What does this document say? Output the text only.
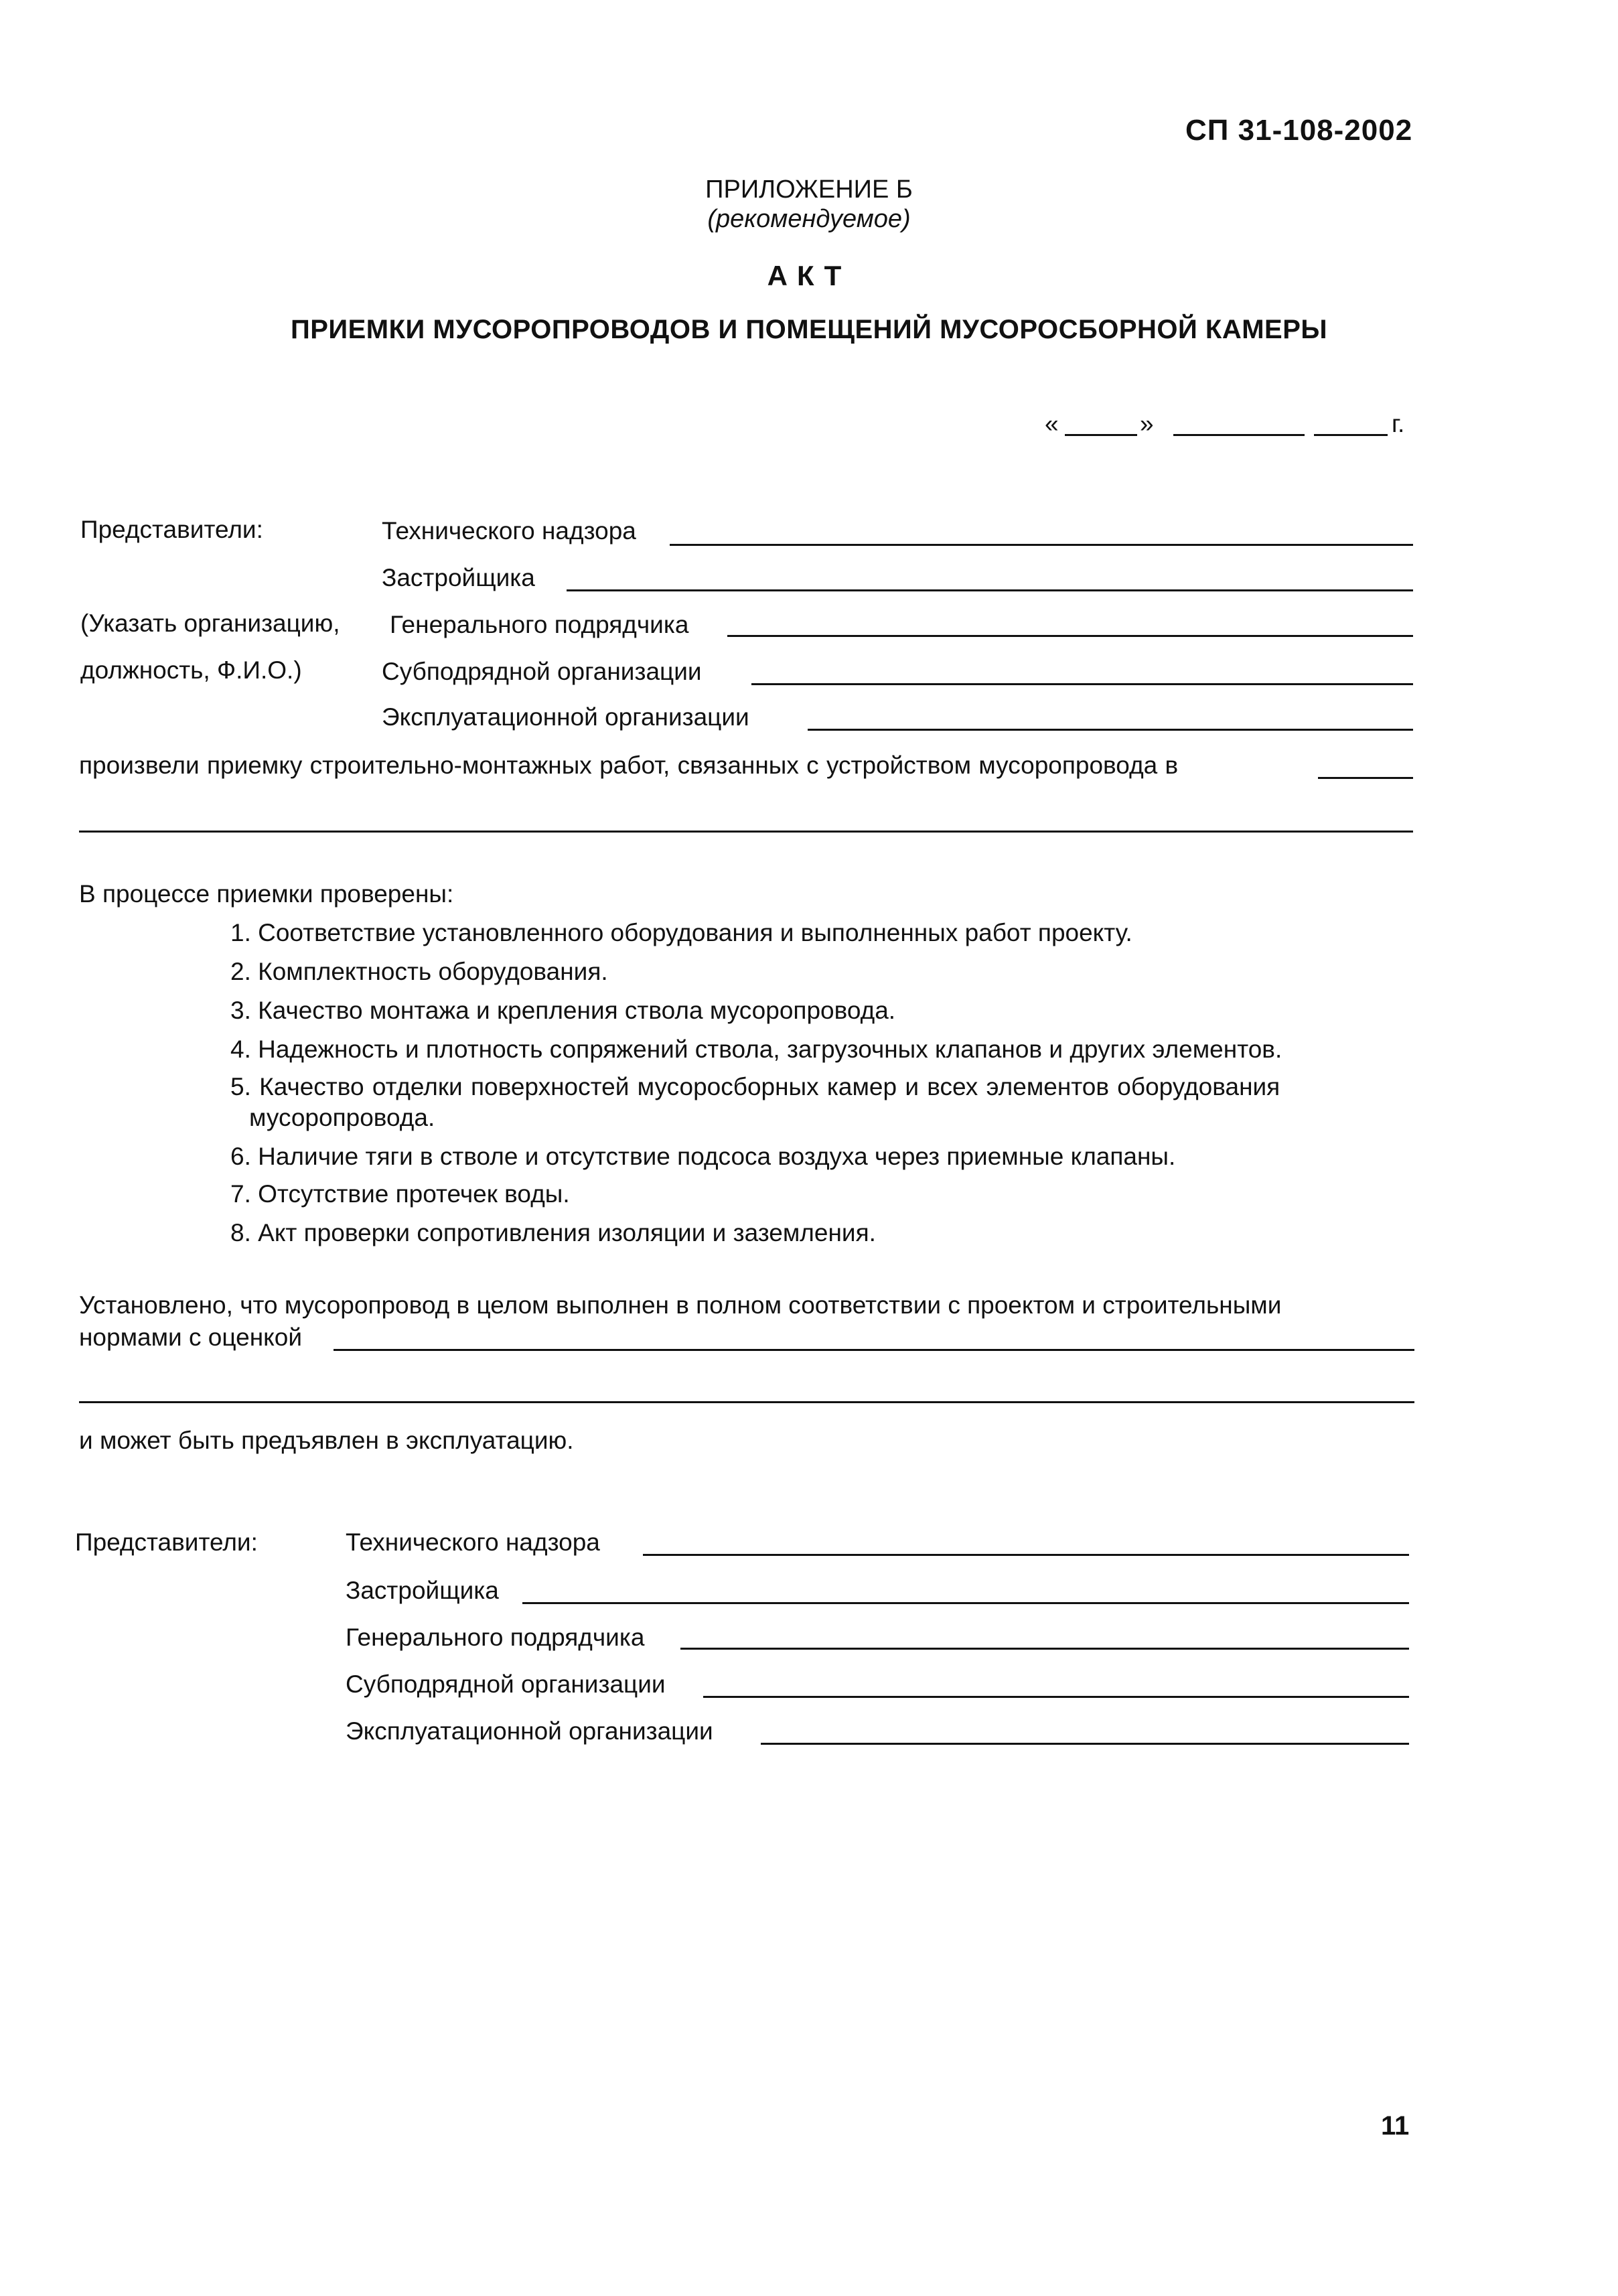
СП 31-108-2002
ПРИЛОЖЕНИЕ Б
(рекомендуемое)
АКТ
ПРИЕМКИ МУСОРОПРОВОДОВ И ПОМЕЩЕНИЙ МУСОРОСБОРНОЙ КАМЕРЫ
«	»	г.
Представители:
(Указать организацию,
должность, Ф.И.О.)
Технического надзора
Застройщика
Генерального подрядчика
Субподрядной организации
Эксплуатационной организации
произвели приемку строительно-монтажных работ, связанных с устройством мусоропровода в
В процессе приемки проверены:
1. Соответствие установленного оборудования и выполненных работ проекту.
2. Комплектность оборудования.
3. Качество монтажа и крепления ствола мусоропровода.
4. Надежность и плотность сопряжений ствола, загрузочных клапанов и других элементов.
5. Качество отделки поверхностей мусоросборных камер и всех элементов оборудования
мусоропровода.
6. Наличие тяги в стволе и отсутствие подсоса воздуха через приемные клапаны.
7. Отсутствие протечек воды.
8. Акт проверки сопротивления изоляции и заземления.
Установлено, что мусоропровод в целом выполнен в полном соответствии с проектом и строительными
нормами с оценкой
и может быть предъявлен в эксплуатацию.
Представители:	Технического надзора
Застройщика
Генерального подрядчика
Субподрядной организации
Эксплуатационной организации
11
